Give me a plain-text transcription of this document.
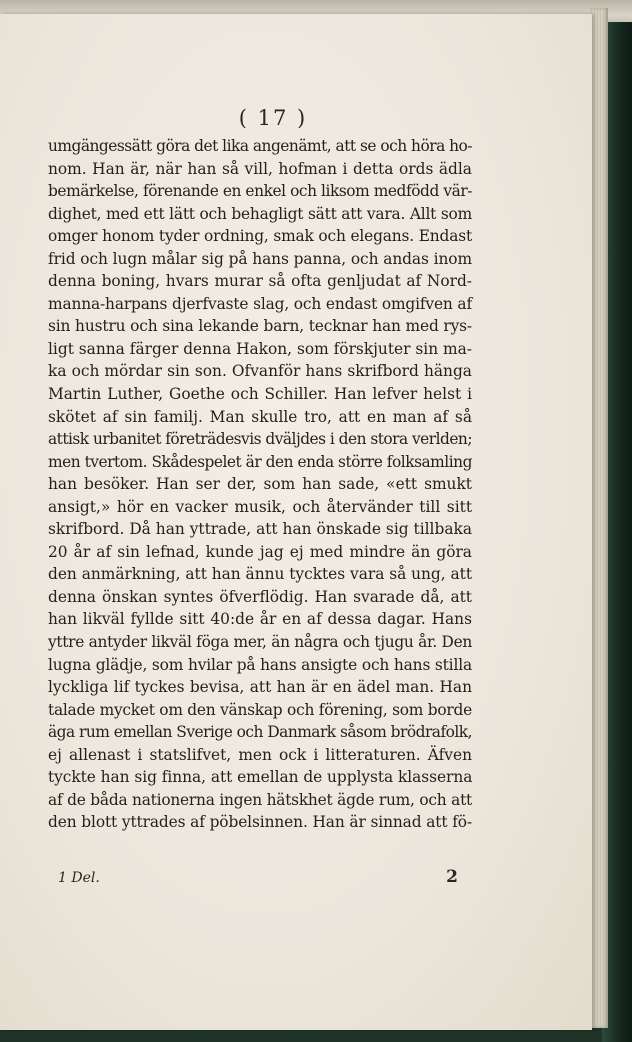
( 17 )
umgängessätt göra det lika angenämt, att se och höra ho-
nom. Han är, när han så vill, hofman i detta ords ädla
bemärkelse, förenande en enkel och liksom medfödd vär-
dighet, med ett lätt och behagligt sätt att vara. Allt som
omger honom tyder ordning, smak och elegans. Endast
frid och lugn målar sig på hans panna, och andas inom
denna boning, hvars murar så ofta genljudat af Nord-
manna-harpans djerfvaste slag, och endast omgifven af
sin hustru och sina lekande barn, tecknar han med rys-
ligt sanna färger denna Hakon, som förskjuter sin ma-
ka och mördar sin son. Ofvanför hans skrifbord hänga
Martin Luther, Goethe och Schiller. Han lefver helst i
skötet af sin familj. Man skulle tro, att en man af så
attisk urbanitet företrädesvis dväljdes i den stora verlden;
men tvertom. Skådespelet är den enda större folksamling
han besöker. Han ser der, som han sade, «ett smukt
ansigt,» hör en vacker musik, och återvänder till sitt
skrifbord. Då han yttrade, att han önskade sig tillbaka
20 år af sin lefnad, kunde jag ej med mindre än göra
den anmärkning, att han ännu tycktes vara så ung, att
denna önskan syntes öfverflödig. Han svarade då, att
han likväl fyllde sitt 40:de år en af dessa dagar. Hans
yttre antyder likväl föga mer, än några och tjugu år. Den
lugna glädje, som hvilar på hans ansigte och hans stilla
lyckliga lif tyckes bevisa, att han är en ädel man. Han
talade mycket om den vänskap och förening, som borde
äga rum emellan Sverige och Danmark såsom brödrafolk,
ej allenast i statslifvet, men ock i litteraturen. Äfven
tyckte han sig finna, att emellan de upplysta klasserna
af de båda nationerna ingen hätskhet ägde rum, och att
den blott yttrades af pöbelsinnen. Han är sinnad att fö-
1 Del.	2
